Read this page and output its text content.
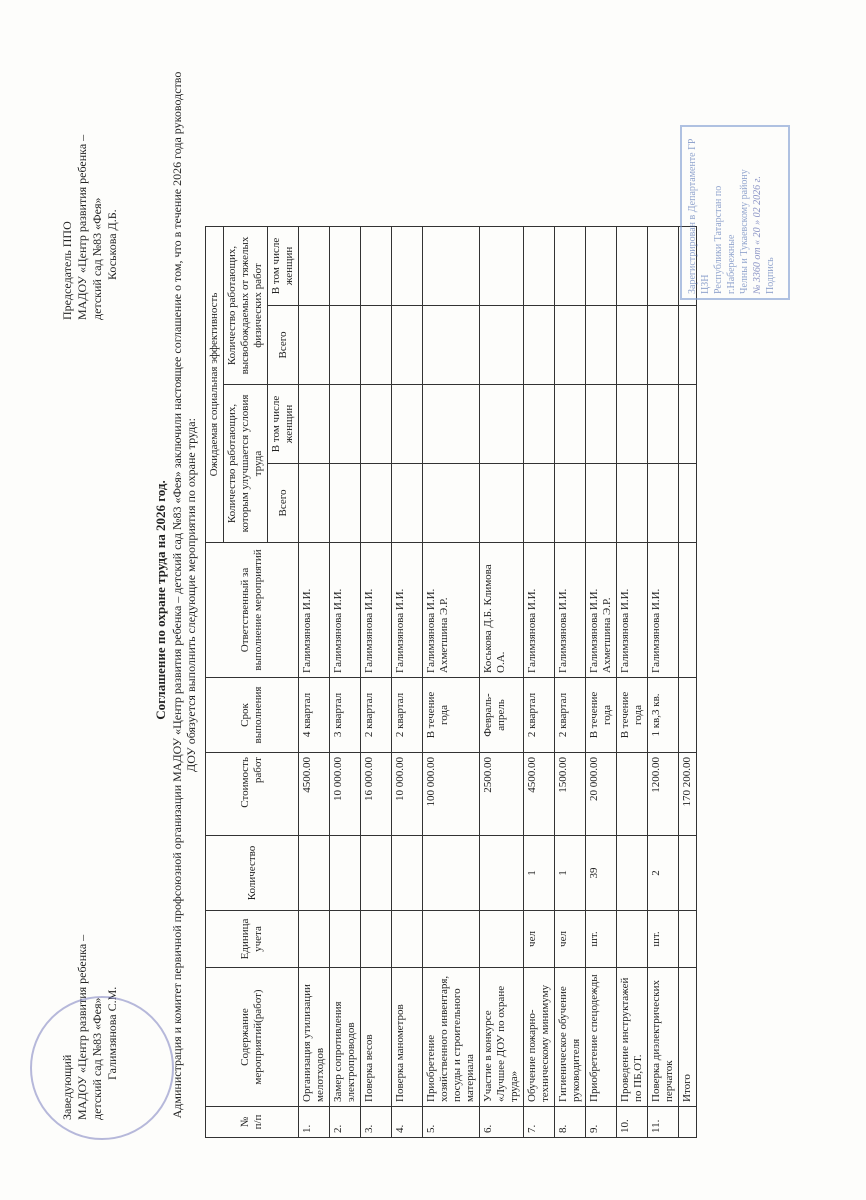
Заведующий МАДОУ «Центр развития ребенка – детский сад №83 «Фея» Галимзянова С.М.
Председатель ППО МАДОУ «Центр развития ребенка – детский сад №83 «Фея» Коськова Д.Б.
Соглашение по охране труда на 2026 год. Администрация и комитет первичной профсоюзной организации МАДОУ «Центр развития ребенка – детский сад №83 «Фея» заключили настоящее соглашение о том, что в течение 2026 года руководство ДОУ обязуется выполнить следующие мероприятия по охране труда:
№ п/п	Содержание мероприятий(работ)	Единица учета	Количество	Стоимость работ	Срок выполнения	Ответственный за выполнение мероприятий	Ожидаемая социальная эффективность			
							Количество работающих, которым улучшается условия труда		Количество работающих, высвобождаемых от тяжелых физических работ	
							Всего	В том числе женщин	Всего	В том числе женщин
1.	Организация утилизации мелотходов			4500.00	4 квартал	Галимзянова И.И.				
2.	Замер сопротивления электропроводов			10 000.00	3 квартал	Галимзянова И.И.				
3.	Поверка весов			16 000.00	2 квартал	Галимзянова И.И.				
4.	Поверка манометров			10 000.00	2 квартал	Галимзянова И.И.				
5.	Приобретение хозяйственного инвентаря, посуды и строительного материала			100 000.00	В течение года	Галимзянова И.И. Ахметшина Э.Р.				
6.	Участие в конкурсе «Лучшее ДОУ по охране труда»			2500.00	Февраль-апрель	Коськова Д.Б. Климова О.А.				
7.	Обучение пожарно-техническому минимуму	чел	1	4500.00	2 квартал	Галимзянова И.И.				
8.	Гигиеническое обучение руководителя	чел	1	1500.00	2 квартал	Галимзянова И.И.				
9.	Приобретение спецодежды	шт.	39	20 000.00	В течение года	Галимзянова И.И. Ахметшина Э.Р.				
10.	Проведение инструктажей по ПБ,ОТ.				В течение года	Галимзянова И.И.				
11.	Поверка диэлектрических перчаток	шт.	2	1200.00	1 кв,3 кв.	Галимзянова И.И.				
	Итого			170 200.00						
Зарегистрирован в Департаменте ГР ЦЗН Республики Татарстан по г.Набережные Челны и Тукаевскому району № 3360 от « 20 » 02 2026 г. Подпись
